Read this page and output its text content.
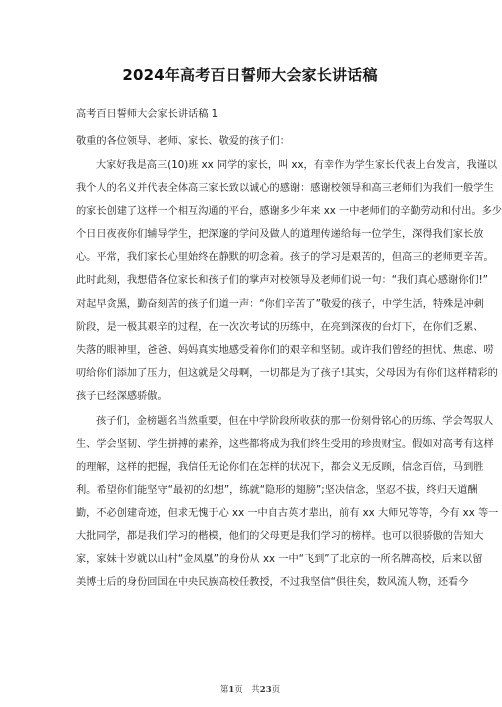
2024年高考百日誓师大会家长讲话稿
高考百日誓师大会家长讲话稿 1
敬重的各位领导、老师、家长、敬爱的孩子们：
大家好我是高三(10)班 xx 同学的家长，叫 xx，有幸作为学生家长代表上台发言，我谨以
我个人的名义并代表全体高三家长致以诚心的感谢：感谢校领导和高三老师们为我们一般学生
的家长创建了这样一个相互沟通的平台，感谢多少年来 xx 一中老师们的辛勤劳动和付出。多少
个日日夜夜你们辅导学生，把深邃的学问及做人的道理传递给每一位学生，深得我们家长放
心。平常，我们家长心里始终在静默的叨念着。孩子的学习是艰苦的，但高三的老师更辛苦。
此时此刻，我想借各位家长和孩子们的掌声对校领导及老师们说一句：“我们真心感谢你们!”
对起早贪黑，勤奋刻苦的孩子们道一声：“你们辛苦了”敬爱的孩子，中学生活，特殊是冲刺
阶段，是一极其艰辛的过程，在一次次考试的历练中，在亮到深夜的台灯下，在你们乏累、
失落的眼神里，爸爸、妈妈真实地感受着你们的艰辛和坚韧。或许我们曾经的担忧、焦虑、唠
叨给你们添加了压力，但这就是父母啊，一切都是为了孩子!其实，父母因为有你们这样精彩的
孩子已经深感骄傲。
孩子们，金榜题名当然重要，但在中学阶段所收获的那一份刻骨铭心的历练、学会驾驭人
生、学会坚韧、学生拼搏的素养，这些都将成为我们终生受用的珍贵财宝。假如对高考有这样
的理解，这样的把握，我信任无论你们在怎样的状况下，都会义无反顾，信念百倍，马到胜
利。希望你们能坚守“最初的幻想”，练就“隐形的翅膀”;坚决信念，坚忍不拔，终归天道酬
勤，不必创建奇迹，但求无愧于心 xx 一中自古英才辈出，前有 xx 大师兄等等，今有 xx 等一
大批同学，都是我们学习的楷模，他们的父母更是我们学习的榜样。也可以很骄傲的告知大
家，家妹十岁就以山村“金凤凰”的身份从 xx 一中“飞到”了北京的一所名牌高校，后来以留
美博士后的身份回国在中央民族高校任教授，不过我坚信“俱往矣，数风流人物，还看今
第1页　共23页
